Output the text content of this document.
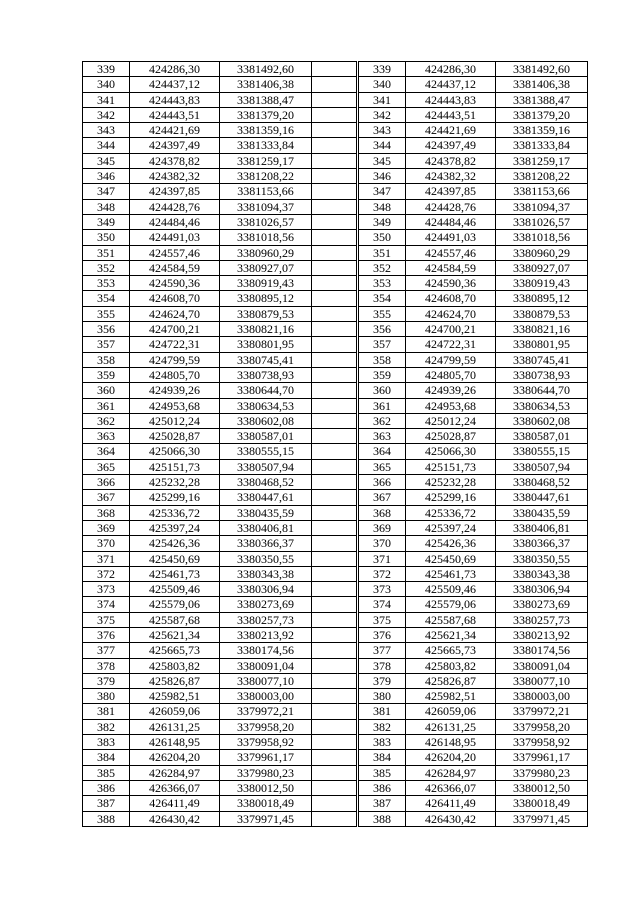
339	424286,30	3381492,60	
340	424437,12	3381406,38	
341	424443,83	3381388,47	
342	424443,51	3381379,20	
343	424421,69	3381359,16	
344	424397,49	3381333,84	
345	424378,82	3381259,17	
346	424382,32	3381208,22	
347	424397,85	3381153,66	
348	424428,76	3381094,37	
349	424484,46	3381026,57	
350	424491,03	3381018,56	
351	424557,46	3380960,29	
352	424584,59	3380927,07	
353	424590,36	3380919,43	
354	424608,70	3380895,12	
355	424624,70	3380879,53	
356	424700,21	3380821,16	
357	424722,31	3380801,95	
358	424799,59	3380745,41	
359	424805,70	3380738,93	
360	424939,26	3380644,70	
361	424953,68	3380634,53	
362	425012,24	3380602,08	
363	425028,87	3380587,01	
364	425066,30	3380555,15	
365	425151,73	3380507,94	
366	425232,28	3380468,52	
367	425299,16	3380447,61	
368	425336,72	3380435,59	
369	425397,24	3380406,81	
370	425426,36	3380366,37	
371	425450,69	3380350,55	
372	425461,73	3380343,38	
373	425509,46	3380306,94	
374	425579,06	3380273,69	
375	425587,68	3380257,73	
376	425621,34	3380213,92	
377	425665,73	3380174,56	
378	425803,82	3380091,04	
379	425826,87	3380077,10	
380	425982,51	3380003,00	
381	426059,06	3379972,21	
382	426131,25	3379958,20	
383	426148,95	3379958,92	
384	426204,20	3379961,17	
385	426284,97	3379980,23	
386	426366,07	3380012,50	
387	426411,49	3380018,49	
388	426430,42	3379971,45	
339	424286,30	3381492,60
340	424437,12	3381406,38
341	424443,83	3381388,47
342	424443,51	3381379,20
343	424421,69	3381359,16
344	424397,49	3381333,84
345	424378,82	3381259,17
346	424382,32	3381208,22
347	424397,85	3381153,66
348	424428,76	3381094,37
349	424484,46	3381026,57
350	424491,03	3381018,56
351	424557,46	3380960,29
352	424584,59	3380927,07
353	424590,36	3380919,43
354	424608,70	3380895,12
355	424624,70	3380879,53
356	424700,21	3380821,16
357	424722,31	3380801,95
358	424799,59	3380745,41
359	424805,70	3380738,93
360	424939,26	3380644,70
361	424953,68	3380634,53
362	425012,24	3380602,08
363	425028,87	3380587,01
364	425066,30	3380555,15
365	425151,73	3380507,94
366	425232,28	3380468,52
367	425299,16	3380447,61
368	425336,72	3380435,59
369	425397,24	3380406,81
370	425426,36	3380366,37
371	425450,69	3380350,55
372	425461,73	3380343,38
373	425509,46	3380306,94
374	425579,06	3380273,69
375	425587,68	3380257,73
376	425621,34	3380213,92
377	425665,73	3380174,56
378	425803,82	3380091,04
379	425826,87	3380077,10
380	425982,51	3380003,00
381	426059,06	3379972,21
382	426131,25	3379958,20
383	426148,95	3379958,92
384	426204,20	3379961,17
385	426284,97	3379980,23
386	426366,07	3380012,50
387	426411,49	3380018,49
388	426430,42	3379971,45
